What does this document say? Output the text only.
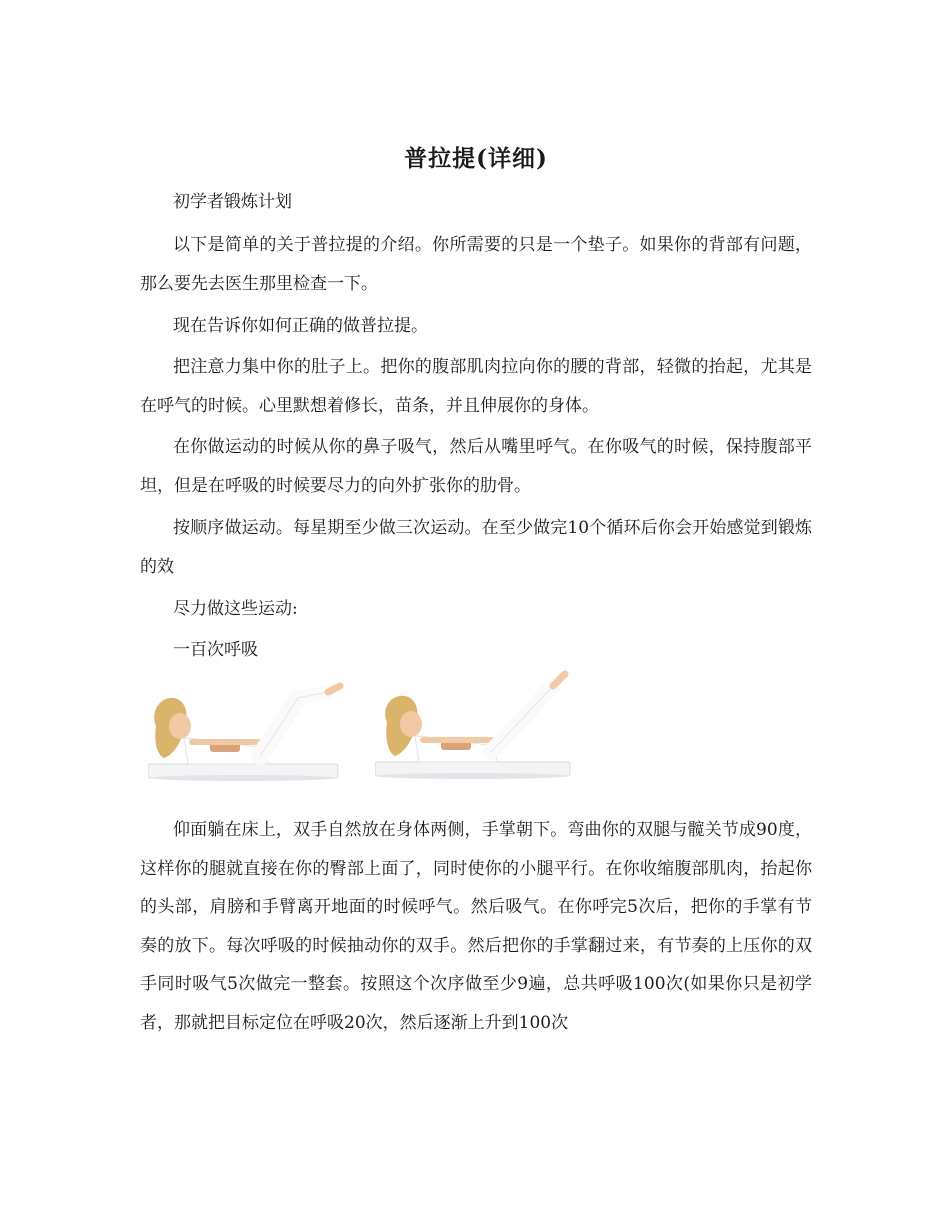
普拉提(详细)

初学者锻炼计划

以下是简单的关于普拉提的介绍。你所需要的只是一个垫子。如果你的背部有问题，那么要先去医生那里检查一下。

现在告诉你如何正确的做普拉提。

把注意力集中你的肚子上。把你的腹部肌肉拉向你的腰的背部，轻微的抬起，尤其是在呼气的时候。心里默想着修长，苗条，并且伸展你的身体。

在你做运动的时候从你的鼻子吸气，然后从嘴里呼气。在你吸气的时候，保持腹部平坦，但是在呼吸的时候要尽力的向外扩张你的肋骨。

按顺序做运动。每星期至少做三次运动。在至少做完10个循环后你会开始感觉到锻炼的效

尽力做这些运动:

一百次呼吸

仰面躺在床上，双手自然放在身体两侧，手掌朝下。弯曲你的双腿与髋关节成90度，这样你的腿就直接在你的臀部上面了，同时使你的小腿平行。在你收缩腹部肌肉，抬起你的头部，肩膀和手臂离开地面的时候呼气。然后吸气。在你呼完5次后，把你的手掌有节奏的放下。每次呼吸的时候抽动你的双手。然后把你的手掌翻过来，有节奏的上压你的双手同时吸气5次做完一整套。按照这个次序做至少9遍，总共呼吸100次(如果你只是初学者，那就把目标定位在呼吸20次，然后逐渐上升到100次
